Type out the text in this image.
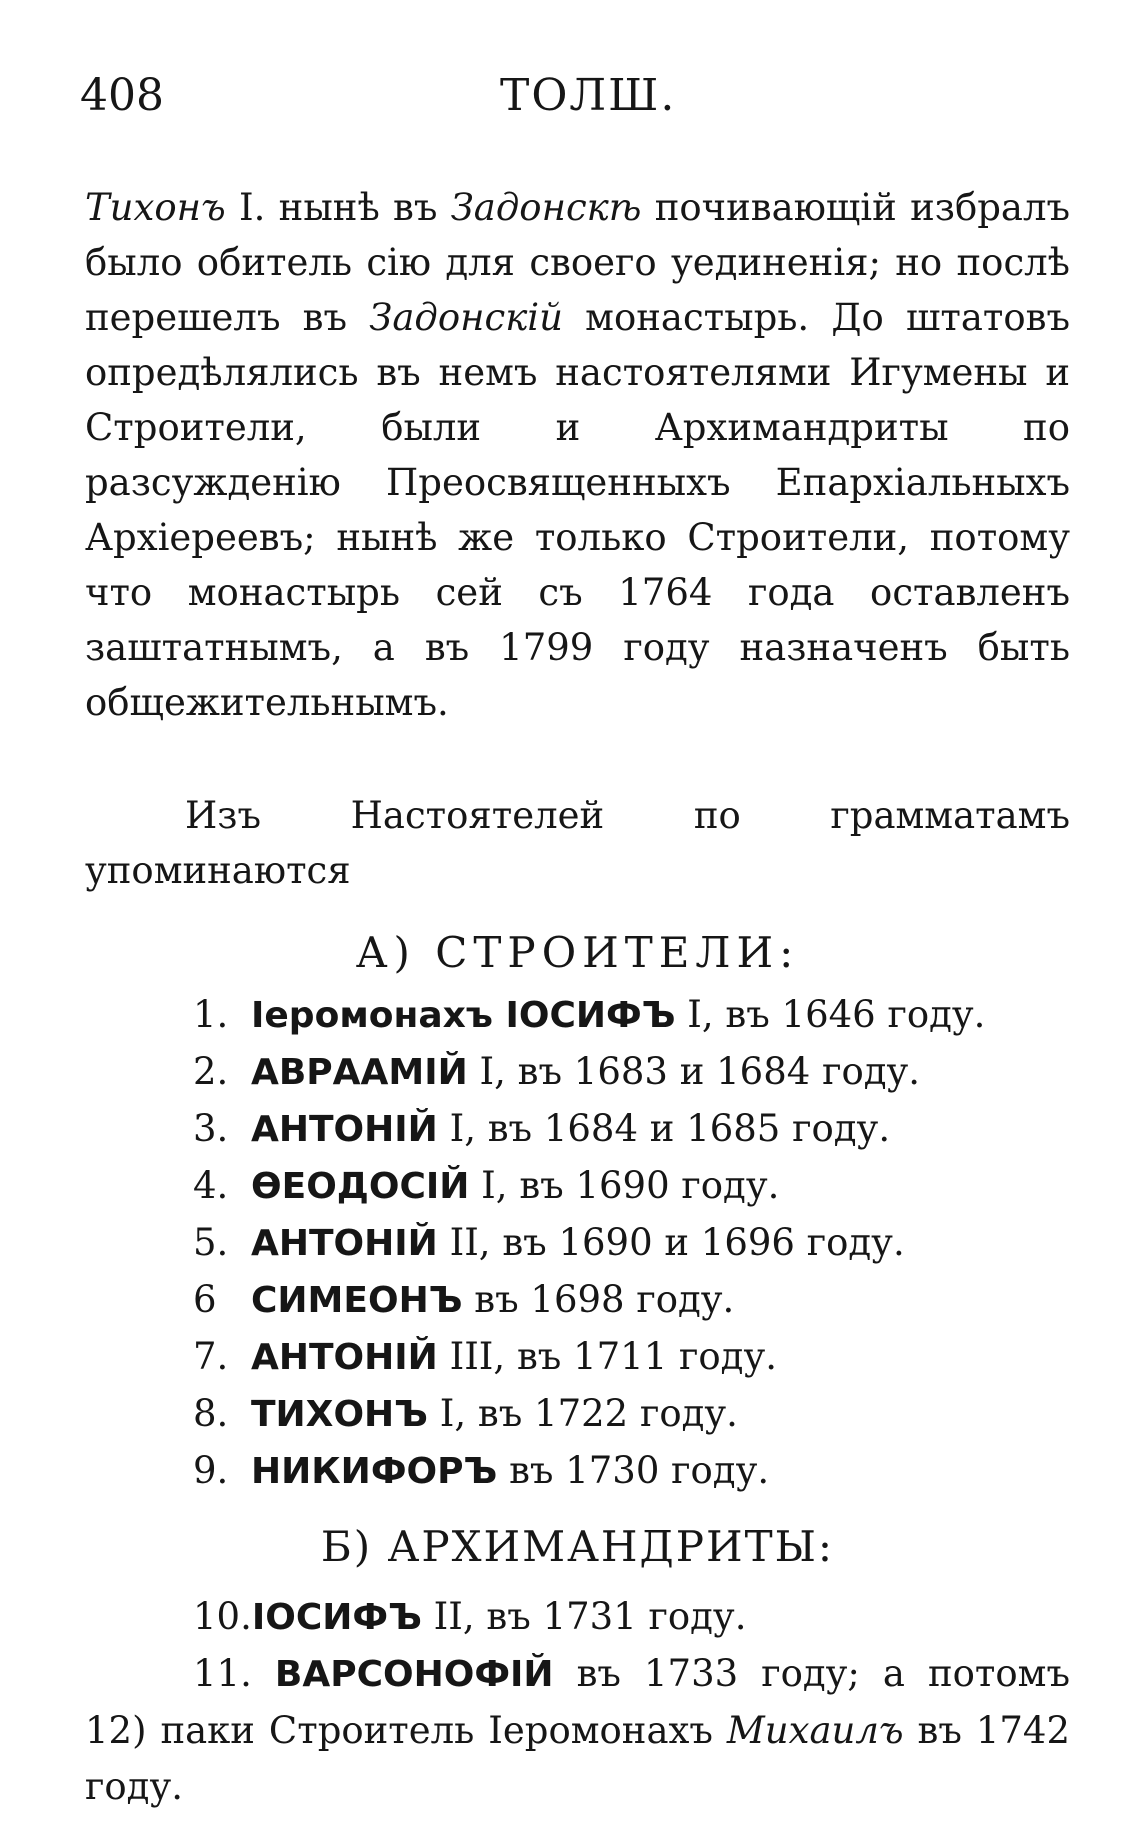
408	ТОЛШ.

Тихонъ I. нынѣ въ Задонскѣ почивающій избралъ было обитель сію для своего уединенія; но послѣ перешелъ въ Задонскій монастырь. До штатовъ опредѣлялись въ немъ настоятелями Игумены и Строители, были и Архимандриты по разсужденію Преосвященныхъ Епархіальныхъ Архіереевъ; нынѣ же только Строители, потому что монастырь сей съ 1764 года оставленъ заштатнымъ, а въ 1799 году назначенъ быть общежительнымъ.

Изъ Настоятелей по грамматамъ упоминаются

А) СТРОИТЕЛИ:
1. Іеромонахъ ІОСИФЪ I, въ 1646 году.
2. АВРААМІЙ I, въ 1683 и 1684 году.
3. АНТОНІЙ I, въ 1684 и 1685 году.
4. ѲЕОДОСІЙ I, въ 1690 году.
5. АНТОНІЙ II, въ 1690 и 1696 году.
6 СИМЕОНЪ въ 1698 году.
7. АНТОНІЙ III, въ 1711 году.
8. ТИХОНЪ I, въ 1722 году.
9. НИКИФОРЪ въ 1730 году.
Б) АРХИМАНДРИТЫ:
10.ІОСИФЪ II, въ 1731 году.
11. ВАРСОНОФІЙ въ 1733 году; а потомъ 12) паки Строитель Іеромонахъ Михаилъ въ 1742 году.
